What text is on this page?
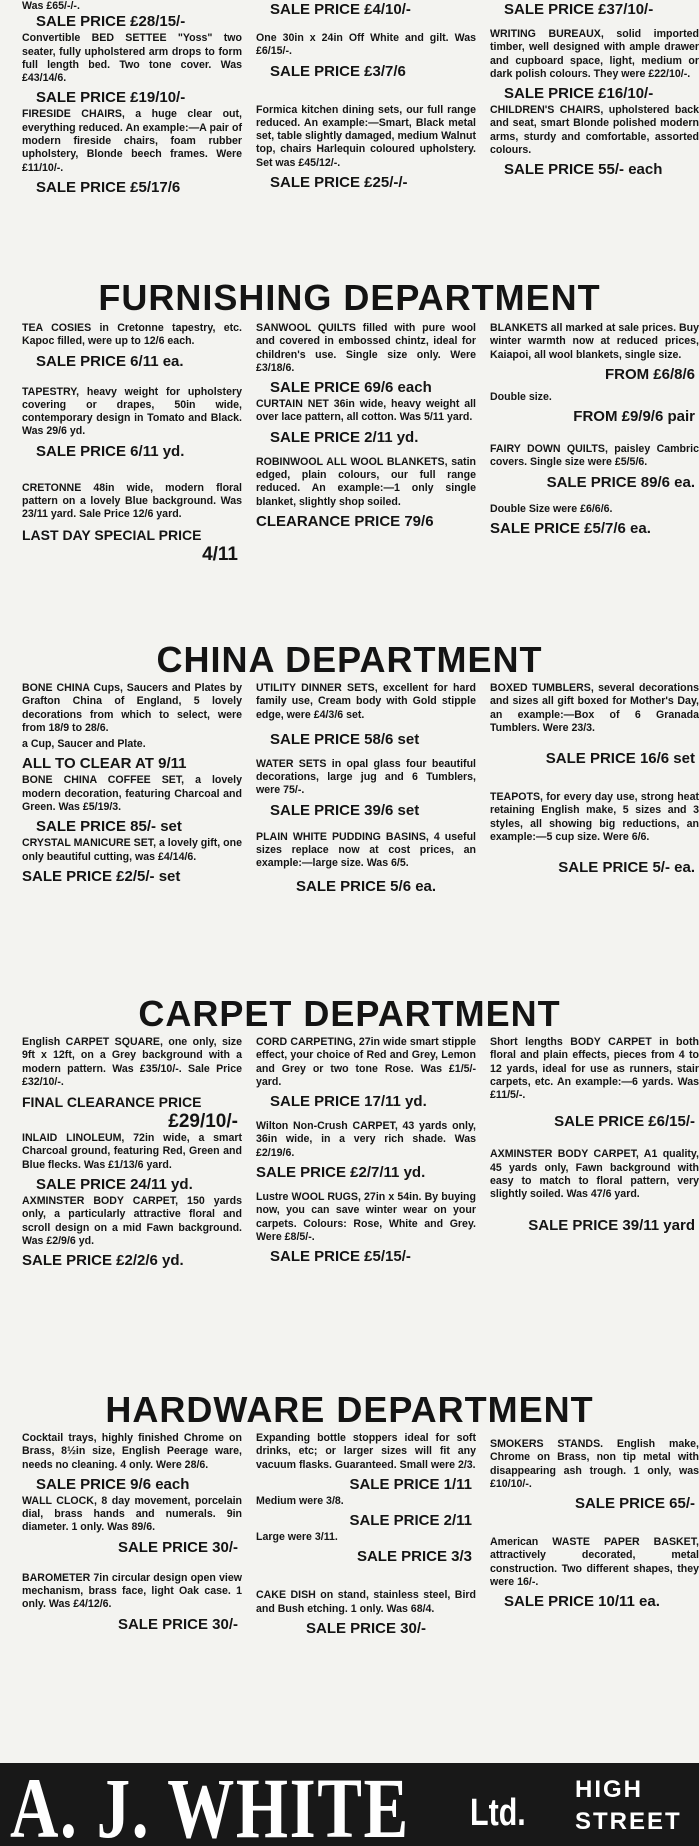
Was £65/-/-.
SALE PRICE £28/15/-
Convertible BED SETTEE "Yoss" two seater, fully upholstered arm drops to form full length bed. Two tone cover. Was £43/14/6.
SALE PRICE £19/10/-
FIRESIDE CHAIRS, a huge clear out, everything reduced. An example:—A pair of modern fireside chairs, foam rubber upholstery, Blonde beech frames. Were £11/10/-.
SALE PRICE £5/17/6
SALE PRICE £4/10/-
One 30in x 24in Off White and gilt. Was £6/15/-.
SALE PRICE £3/7/6
Formica kitchen dining sets, our full range reduced. An example:—Smart, Black metal set, table slightly damaged, medium Walnut top, chairs Harlequin coloured upholstery. Set was £45/12/-.
SALE PRICE £25/-/-
SALE PRICE £37/10/-
WRITING BUREAUX, solid imported timber, well designed with ample drawer and cupboard space, light, medium or dark polish colours. They were £22/10/-.
SALE PRICE £16/10/-
CHILDREN'S CHAIRS, upholstered back and seat, smart Blonde polished modern arms, sturdy and comfortable, assorted colours.
SALE PRICE 55/- each
FURNISHING DEPARTMENT
TEA COSIES in Cretonne tapestry, etc. Kapoc filled, were up to 12/6 each.
SALE PRICE 6/11 ea.
TAPESTRY, heavy weight for upholstery covering or drapes, 50in wide, contemporary design in Tomato and Black. Was 29/6 yd.
SALE PRICE 6/11 yd.
CRETONNE 48in wide, modern floral pattern on a lovely Blue background. Was 23/11 yard. Sale Price 12/6 yard.
LAST DAY SPECIAL PRICE
4/11
SANWOOL QUILTS filled with pure wool and covered in embossed chintz, ideal for children's use. Single size only. Were £3/18/6.
SALE PRICE 69/6 each
CURTAIN NET 36in wide, heavy weight all over lace pattern, all cotton. Was 5/11 yard.
SALE PRICE 2/11 yd.
ROBINWOOL ALL WOOL BLANKETS, satin edged, plain colours, our full range reduced. An example:—1 only single blanket, slightly shop soiled.
CLEARANCE PRICE 79/6
BLANKETS all marked at sale prices. Buy winter warmth now at reduced prices, Kaiapoi, all wool blankets, single size.
FROM £6/8/6
Double size.
FROM £9/9/6 pair
FAIRY DOWN QUILTS, paisley Cambric covers. Single size were £5/5/6.
SALE PRICE 89/6 ea.
Double Size were £6/6/6.
SALE PRICE £5/7/6 ea.
CHINA DEPARTMENT
BONE CHINA Cups, Saucers and Plates by Grafton China of England, 5 lovely decorations from which to select, were from 18/9 to 28/6.
a Cup, Saucer and Plate.
ALL TO CLEAR AT 9/11
BONE CHINA COFFEE SET, a lovely modern decoration, featuring Charcoal and Green. Was £5/19/3.
SALE PRICE 85/- set
CRYSTAL MANICURE SET, a lovely gift, one only beautiful cutting, was £4/14/6.
SALE PRICE £2/5/- set
UTILITY DINNER SETS, excellent for hard family use, Cream body with Gold stipple edge, were £4/3/6 set.
SALE PRICE 58/6 set
WATER SETS in opal glass four beautiful decorations, large jug and 6 Tumblers, were 75/-.
SALE PRICE 39/6 set
PLAIN WHITE PUDDING BASINS, 4 useful sizes replace now at cost prices, an example:—large size. Was 6/5.
SALE PRICE 5/6 ea.
BOXED TUMBLERS, several decorations and sizes all gift boxed for Mother's Day, an example:—Box of 6 Granada Tumblers. Were 23/3.
SALE PRICE 16/6 set
TEAPOTS, for every day use, strong heat retaining English make, 5 sizes and 3 styles, all showing big reductions, an example:—5 cup size. Were 6/6.
SALE PRICE 5/- ea.
CARPET DEPARTMENT
English CARPET SQUARE, one only, size 9ft x 12ft, on a Grey background with a modern pattern. Was £35/10/-. Sale Price £32/10/-.
FINAL CLEARANCE PRICE
£29/10/-
INLAID LINOLEUM, 72in wide, a smart Charcoal ground, featuring Red, Green and Blue flecks. Was £1/13/6 yard.
SALE PRICE 24/11 yd.
AXMINSTER BODY CARPET, 150 yards only, a particularly attractive floral and scroll design on a mid Fawn background. Was £2/9/6 yd.
SALE PRICE £2/2/6 yd.
CORD CARPETING, 27in wide smart stipple effect, your choice of Red and Grey, Lemon and Grey or two tone Rose. Was £1/5/- yard.
SALE PRICE 17/11 yd.
Wilton Non-Crush CARPET, 43 yards only, 36in wide, in a very rich shade. Was £2/19/6.
SALE PRICE £2/7/11 yd.
Lustre WOOL RUGS, 27in x 54in. By buying now, you can save winter wear on your carpets. Colours: Rose, White and Grey. Were £8/5/-.
SALE PRICE £5/15/-
Short lengths BODY CARPET in both floral and plain effects, pieces from 4 to 12 yards, ideal for use as runners, stair carpets, etc. An example:—6 yards. Was £11/5/-.
SALE PRICE £6/15/-
AXMINSTER BODY CARPET, A1 quality, 45 yards only, Fawn background with easy to match to floral pattern, very slightly soiled. Was 47/6 yard.
SALE PRICE 39/11 yard
HARDWARE DEPARTMENT
Cocktail trays, highly finished Chrome on Brass, 8½in size, English Peerage ware, needs no cleaning. 4 only. Were 28/6.
SALE PRICE 9/6 each
WALL CLOCK, 8 day movement, porcelain dial, brass hands and numerals. 9in diameter. 1 only. Was 89/6.
SALE PRICE 30/-
BAROMETER 7in circular design open view mechanism, brass face, light Oak case. 1 only. Was £4/12/6.
SALE PRICE 30/-
Expanding bottle stoppers ideal for soft drinks, etc; or larger sizes will fit any vacuum flasks. Guaranteed. Small were 2/3.
SALE PRICE 1/11
Medium were 3/8.
SALE PRICE 2/11
Large were 3/11.
SALE PRICE 3/3
CAKE DISH on stand, stainless steel, Bird and Bush etching. 1 only. Was 68/4.
SALE PRICE 30/-
SMOKERS STANDS. English make, Chrome on Brass, non tip metal with disappearing ash trough. 1 only, was £10/10/-.
SALE PRICE 65/-
American WASTE PAPER BASKET, attractively decorated, metal construction. Two different shapes, they were 16/-.
SALE PRICE 10/11 ea.
A. J. WHITE Ltd.
HIGH
STREET
